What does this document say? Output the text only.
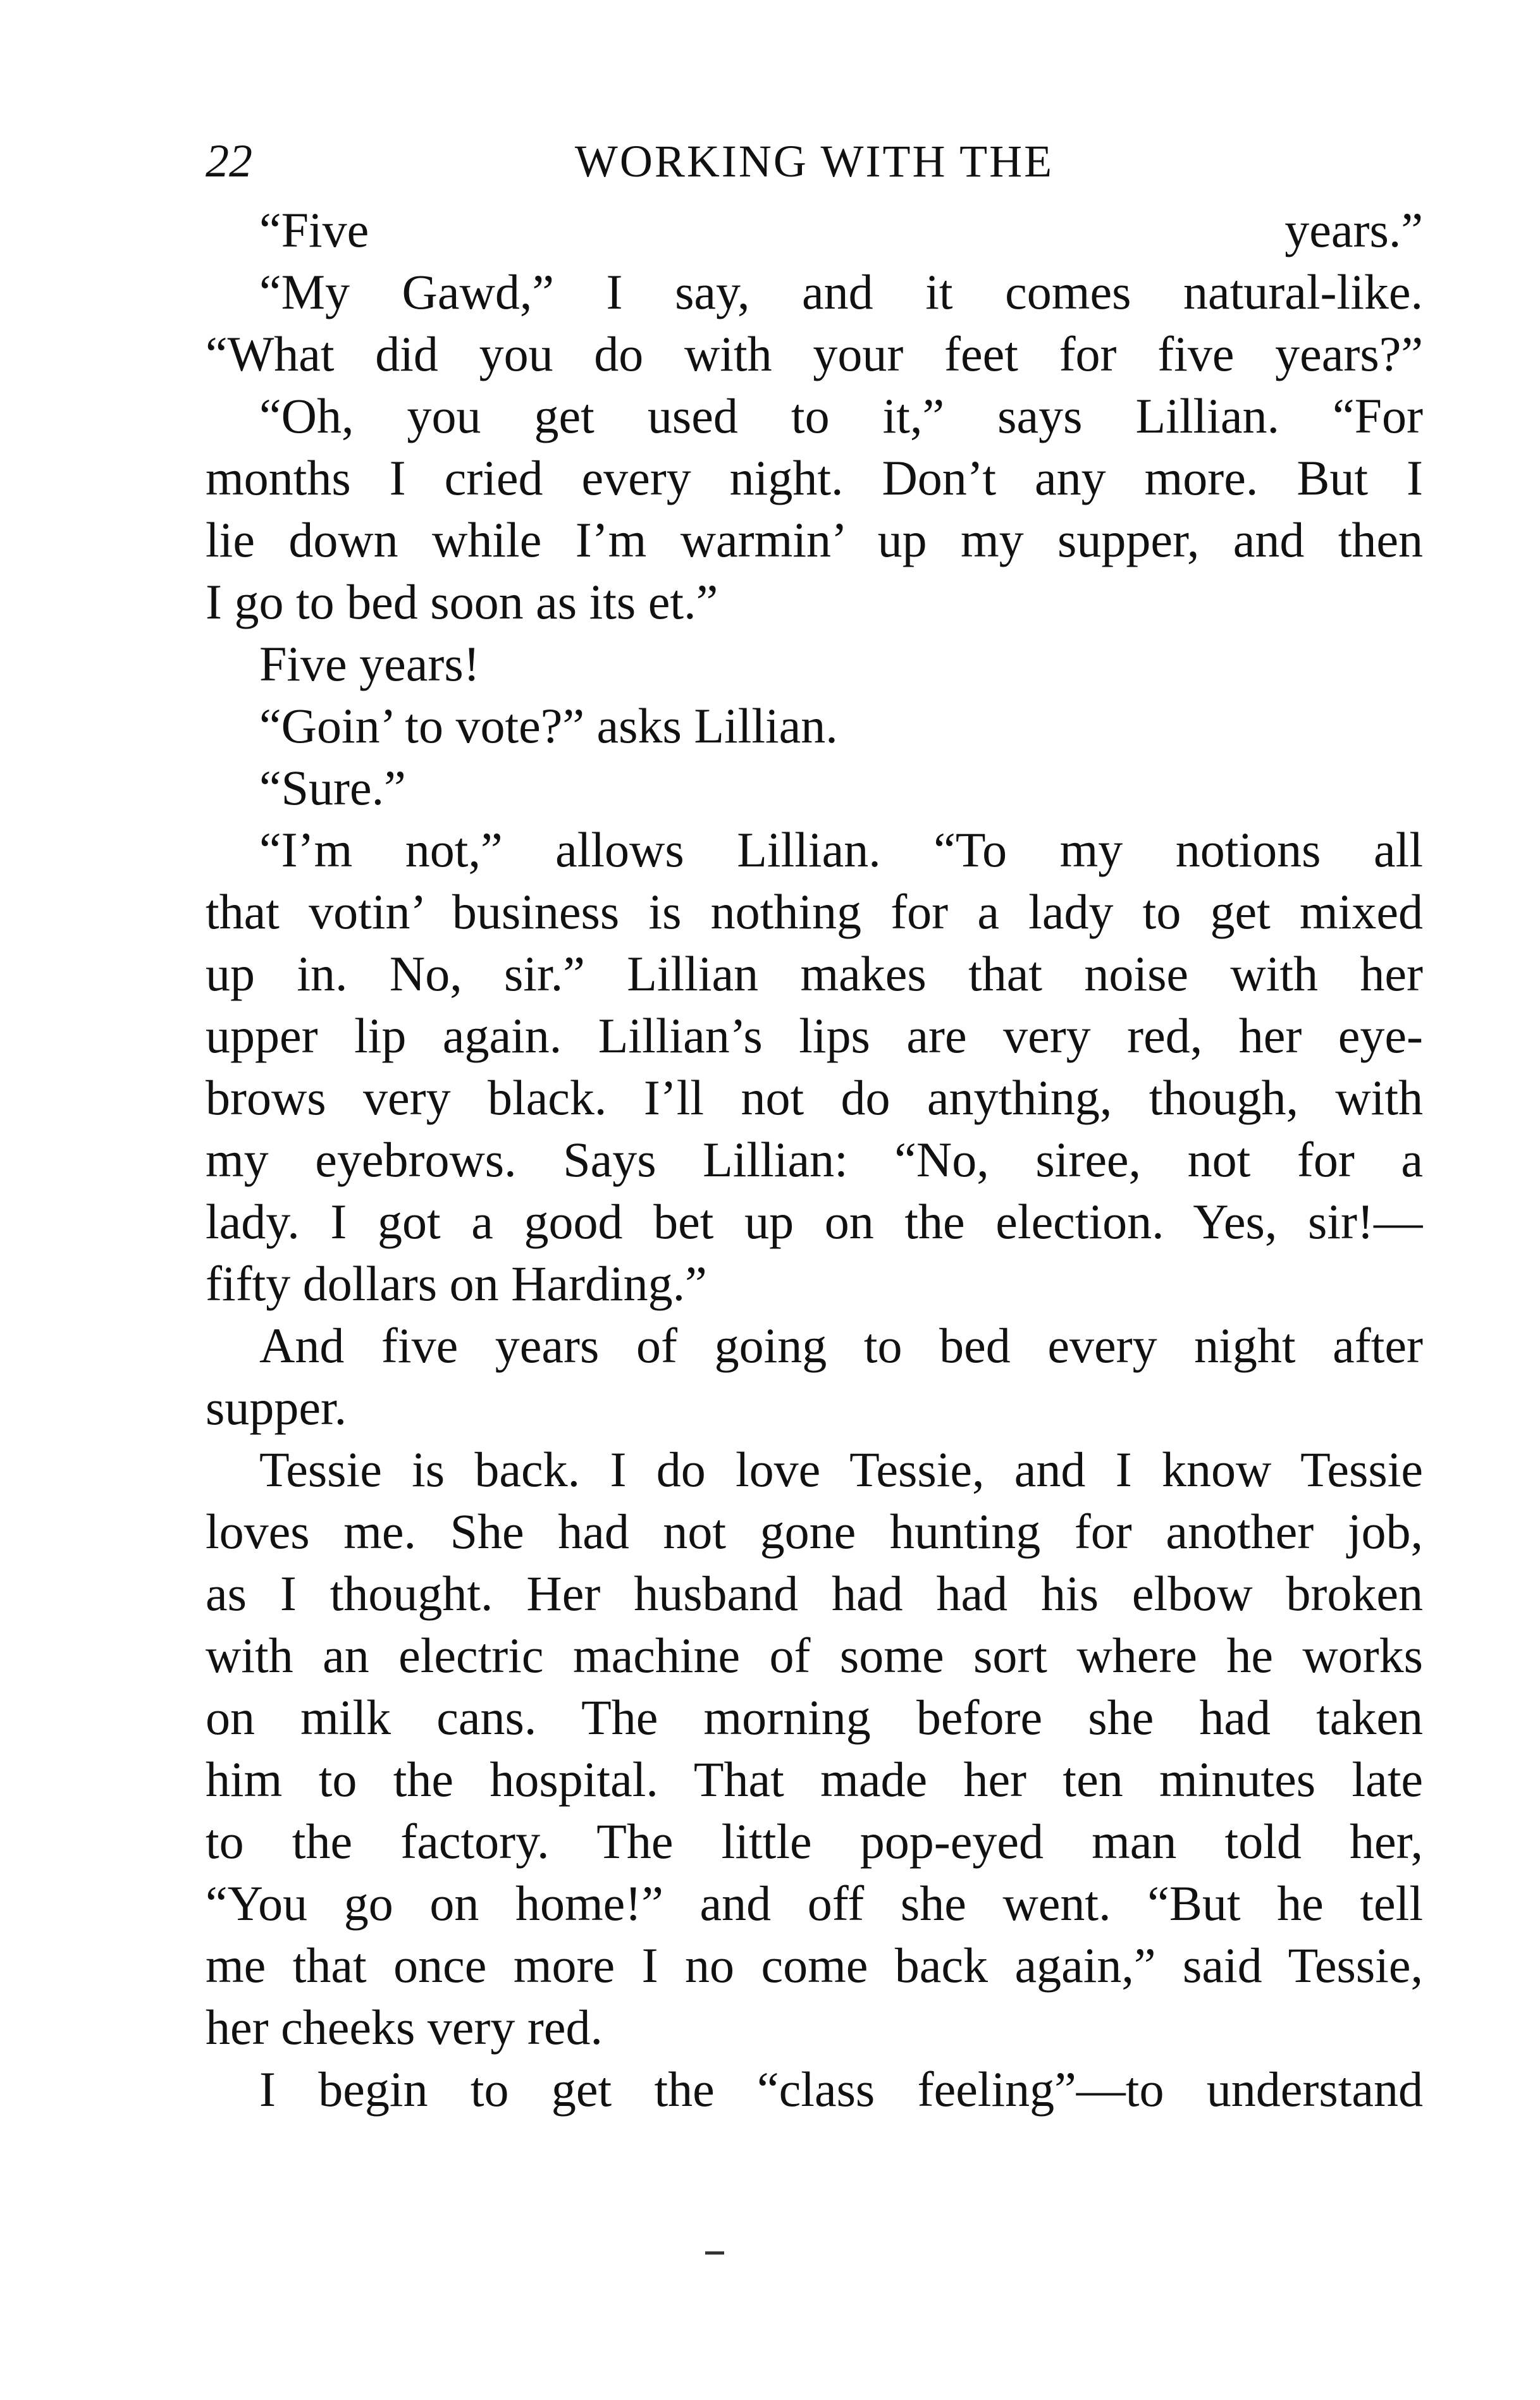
22	WORKING WITH THE
“Five years.”
“My Gawd,” I say, and it comes natural-like.
“What did you do with your feet for five years?”
“Oh, you get used to it,” says Lillian. “For
months I cried every night. Don’t any more. But I
lie down while I’m warmin’ up my supper, and then
I go to bed soon as its et.”
Five years!
“Goin’ to vote?” asks Lillian.
“Sure.”
“I’m not,” allows Lillian. “To my notions all
that votin’ business is nothing for a lady to get mixed
up in. No, sir.” Lillian makes that noise with her
upper lip again. Lillian’s lips are very red, her eye-
brows very black. I’ll not do anything, though, with
my eyebrows. Says Lillian: “No, siree, not for a
lady. I got a good bet up on the election. Yes, sir!—
fifty dollars on Harding.”
And five years of going to bed every night after
supper.
Tessie is back. I do love Tessie, and I know Tessie
loves me. She had not gone hunting for another job,
as I thought. Her husband had had his elbow broken
with an electric machine of some sort where he works
on milk cans. The morning before she had taken
him to the hospital. That made her ten minutes late
to the factory. The little pop-eyed man told her,
“You go on home!” and off she went. “But he tell
me that once more I no come back again,” said Tessie,
her cheeks very red.
I begin to get the “class feeling”—to understand
